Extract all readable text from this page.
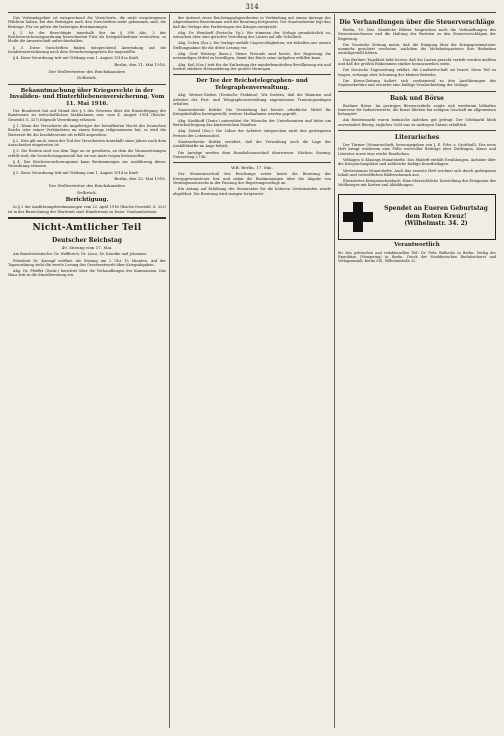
314

Das Verbandsgebiet ist entsprechend die Versicherte, die nicht vorgetragenen Pflichten haben, bei den Beiträgen nach den Vorschriften mehr gekommen sind, die Beitrage. Für sie gelten die bisherigen Bestimmungen.

§ 2. Ist der Berechtigte innerhalb der im § 398 Abs. 2 der Reichsversicherungsordnung bezeichneten Frist als Kriegsteilnehmer verstorben, so bleibt die Anwartschaft aufrechterhalten.

§ 3. Diese Vorschriften finden entsprechend Anwendung auf die Invalidenversicherung nach dem Versicherungsgesetz für Angestellte.

§ 4. Diese Verordnung tritt mit Wirkung vom 1. August 1914 in Kraft.

Berlin, den 11. Mai 1916.
Der Stellvertreter des Reichskanzlers
Delbrück.
Bekanntmachung über Kriegsrechte in der Invaliden- und Hinterbliebenenversicherung. Vom 11. Mai 1916.

Der Bundesrat hat auf Grund des § 3 des Gesetzes über die Ermächtigung des Bundesrats zu wirtschaftlichen Maßnahmen usw. vom 4. August 1914 (Reichs-Gesetzbl. S. 327) folgende Verordnung erlassen:

§ 1. Wenn der Versicherte als Angehöriger der bewaffneten Macht des Deutschen Reichs oder seiner Verbündeten an einem Kriege teilgenommen hat, so wird die Wartezeit für die Invalidenrente als erfüllt angesehen.

§ 2. Dies gilt auch, wenn der Tod des Versicherten innerhalb eines Jahres nach dem Ausscheiden eingetreten ist.

§ 3. Die Renten sind von dem Tage an zu gewähren, an dem die Voraussetzungen erfüllt sind; die Versicherungsanstalt hat sie von Amts wegen festzustellen.

§ 4. Das Reichsversicherungsamt kann Bestimmungen zur Ausführung dieser Verordnung erlassen.

§ 5. Diese Verordnung tritt mit Wirkung vom 1. August 1914 in Kraft.

Berlin, den 12. Mai 1916.
Der Stellvertreter des Reichskanzlers
Delbrück.
Berichtigung.

In § 2 der Ausführungsbestimmungen vom 22. April 1916 (Reichs-Gesetzbl. S. 323) ist in der Bezeichnung der Wartezeit statt Hundertsatz zu lesen: Vomhundertsatz.

Nicht-Amtlicher Teil
Deutscher Reichstag
49. Sitzung vom 17. Mai.

Am Bundesratstische: Dr. Helfferich, Dr. Lisco, Dr. Kraetke und Johannes.

Präsident Dr. Kaempf eröffnet die Sitzung um 2 Uhr 15 Minuten. Auf der Tagesordnung steht die zweite Lesung des Gesetzentwurfs über Kriegsabgaben.

Abg. Dr. Pfeiffer (Zentr.) berichtet über die Verhandlungen der Kommission. Das Haus tritt in die Einzelberatung ein.

der Antwort eines Reichstagsabgeordneten in Verbindung mit einem Antrage des Abgeordneten Bassermann wird die Beratung fortgesetzt. Der Staatssekretär legt dar, daß die Vorlage den Forderungen des Krieges entspricht.

Abg. Dr. Wendorff (Fortschr. Vp.): Wir stimmen der Vorlage grundsätzlich zu, wünschen aber eine gerechte Verteilung der Lasten auf alle Schultern.

Abg. Cohen (Soz.): Die Vorlage enthält Ungerechtigkeiten; wir behalten uns unsere Stellungnahme für die dritte Lesung vor.

Abg. Graf Westarp (kons.): Meine Freunde sind bereit, der Regierung die notwendigen Mittel zu bewilligen, damit das Reich seine Aufgaben erfüllen kann.

Abg. Keil (Soz.) tritt für die Entlastung der minderbemittelten Bevölkerung ein und fordert stärkere Heranziehung der großen Vermögen.

Der Tee der Reichstelegraphen- und Telegraphenverwaltung.

Abg. Werner-Gießen (Deutsche Fraktion): Wir fordern, daß die Beamten und Arbeiter der Post- und Telegraphenverwaltung angemessene Teuerungszulagen erhalten.

Staatssekretär Krätke: Die Verwaltung hat bereits erhebliche Mittel für Kriegsbeihilfen bereitgestellt; weitere Maßnahmen werden geprüft.

Abg. Kuckhoff (Zentr.) unterstützt die Wünsche der Unterbeamten und bittet um Berücksichtigung der kinderreichen Familien.

Abg. Zubeil (Soz.): Die Löhne der Arbeiter entsprechen nicht den gestiegenen Preisen der Lebensmittel.

Staatssekretär Krätke erwidert, daß die Verwaltung auch die Lage der Aushilfskräfte im Auge behält.

Die Anträge werden dem Haushaltsausschuß überwiesen. Nächste Sitzung: Donnerstag 2 Uhr.

W.B. Berlin, 17. Mai.

Der Steuerausschuß des Reichstags setzte heute die Beratung der Kriegsgewinnsteuer fort und nahm die Bestimmungen über die Abgabe von Vermögenszuwachs in der Fassung der Regierungsvorlage an.

Ein Antrag auf Erhöhung der Steuersätze für die höheren Gewinnstufen wurde abgelehnt. Die Beratung wird morgen fortgesetzt.

Die Verhandlungen über die Steuervorschläge

Berlin, 18. Mai. Sämtliche Blätter besprechen noch die Verhandlungen des Steuerausschusses und die Haltung der Parteien zu den Steuervorschlägen der Regierung.

Die Vossische Zeitung meint, daß die Einigung über die Kriegsgewinnsteuer nunmehr gesichert erscheine, nachdem die Mehrheitsparteien ihre Bedenken zurückgestellt hätten.

Das Berliner Tageblatt hebt hervor, daß die Lasten gerecht verteilt werden müßten und daß die großen Einkommen stärker heranzuziehen seien.

Die Deutsche Tageszeitung erklärt, die Landwirtschaft sei bereit, ihren Teil zu tragen, verlange aber Schonung der kleinen Betriebe.

Die Kreuz-Zeitung äußert sich zustimmend zu den Ausführungen des Staatssekretärs und erwartet eine baldige Verabschiedung der Vorlage.

Bank und Börse

Berliner Börse. Im gestrigen Börsenverkehr zeigte sich wiederum lebhaftes Interesse für Industriewerte; die Kurse blieben bei ruhigem Geschäft im allgemeinen behauptet.

Am Rentenmarkt waren heimische Anleihen gut gefragt. Der Geldmarkt blieb unverändert flüssig; tägliches Geld war zu niedrigen Sätzen erhältlich.

Literarisches

Der Türmer (Monatsschrift, herausgegeben von J. E. Frhr. v. Grotthuß). Das neue Heft bringt wiederum eine Fülle wertvoller Beiträge über Zeitfragen, Kunst und Literatur sowie eine reiche Rundschau.

Velhagen & Klasings Monatshefte. Das Maiheft enthält Erzählungen, Aufsätze über die Kriegsschauplätze und zahlreiche farbige Kunstbeilagen.

Westermanns Monatshefte. Auch das neueste Heft zeichnet sich durch gediegenen Inhalt und vortrefflichen Bilderschmuck aus.

Illustriertes Kriegstaschenbuch. Eine übersichtliche Darstellung der Ereignisse des Weltkrieges mit Karten und Abbildungen.

Spendet an Eueren Geburtstag dem Roten Kreuz!
(Wilhelmstr. 34. 2)
Verantwortlich
für den politischen und redaktionellen Teil: Dr. Fritz Walbecks in Berlin. Verlag der Expedition (Mengering) in Berlin. Druck der Norddeutschen Buchdruckerei und Verlagsanstalt, Berlin SW., Wilhelmstraße 32.
